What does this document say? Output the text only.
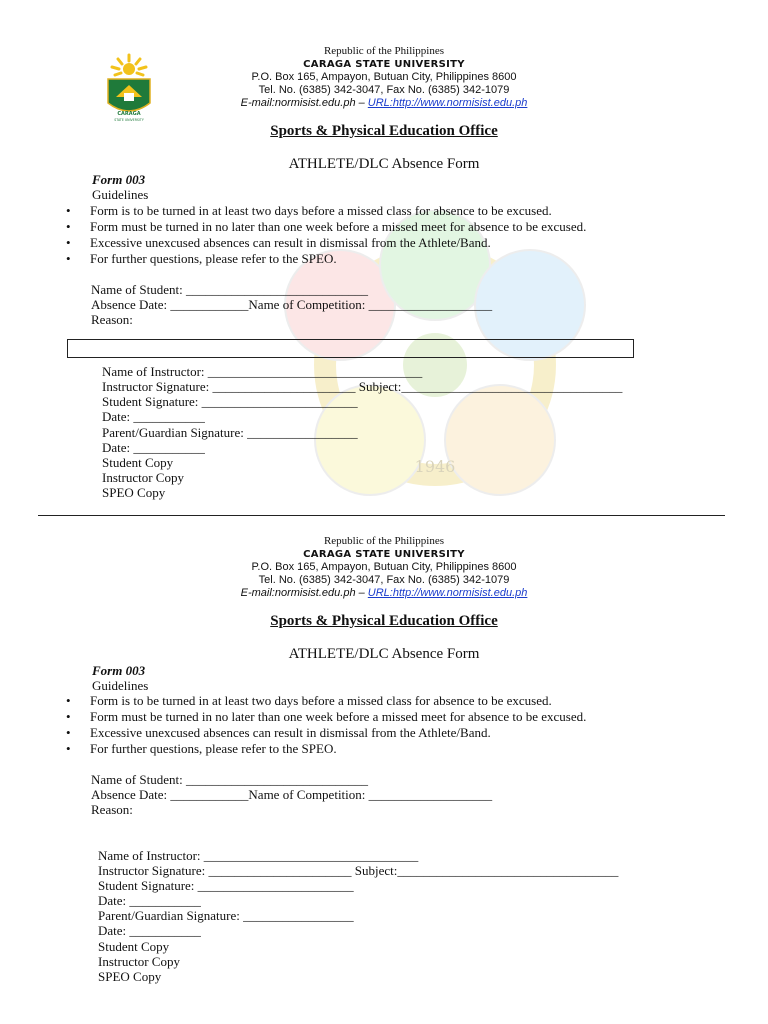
CARAGA
STATE UNIVERSITY
Republic of the Philippines
CARAGA STATE UNIVERSITY
P.O. Box 165, Ampayon, Butuan City, Philippines 8600
Tel. No. (6385) 342-3047, Fax No. (6385) 342-1079
E-mail:normisist.edu.ph – URL:http://www.normisist.edu.ph
Sports & Physical Education Office
ATHLETE/DLC Absence Form
1946
Form 003
Guidelines
• Form is to be turned in at least two days before a missed class for absence to be excused.
• Form must be turned in no later than one week before a missed meet for absence to be excused.
• Excessive unexcused absences can result in dismissal from the Athlete/Band.
• For further questions, please refer to the SPEO.
Name of Student: ____________________________
Absence Date: ____________Name of Competition: ___________________
Reason:
Name of Instructor: _________________________________
Instructor Signature: ______________________ Subject:__________________________________
Student Signature: ________________________
Date: ___________
Parent/Guardian Signature: _________________
Date: ___________
Student Copy
Instructor Copy
SPEO Copy
Republic of the Philippines
CARAGA STATE UNIVERSITY
P.O. Box 165, Ampayon, Butuan City, Philippines 8600
Tel. No. (6385) 342-3047, Fax No. (6385) 342-1079
E-mail:normisist.edu.ph – URL:http://www.normisist.edu.ph
Sports & Physical Education Office
ATHLETE/DLC Absence Form
Form 003
Guidelines
• Form is to be turned in at least two days before a missed class for absence to be excused.
• Form must be turned in no later than one week before a missed meet for absence to be excused.
• Excessive unexcused absences can result in dismissal from the Athlete/Band.
• For further questions, please refer to the SPEO.
Name of Student: ____________________________
Absence Date: ____________Name of Competition: ___________________
Reason:
Name of Instructor: _________________________________
Instructor Signature: ______________________ Subject:__________________________________
Student Signature: ________________________
Date: ___________
Parent/Guardian Signature: _________________
Date: ___________
Student Copy
Instructor Copy
SPEO Copy
